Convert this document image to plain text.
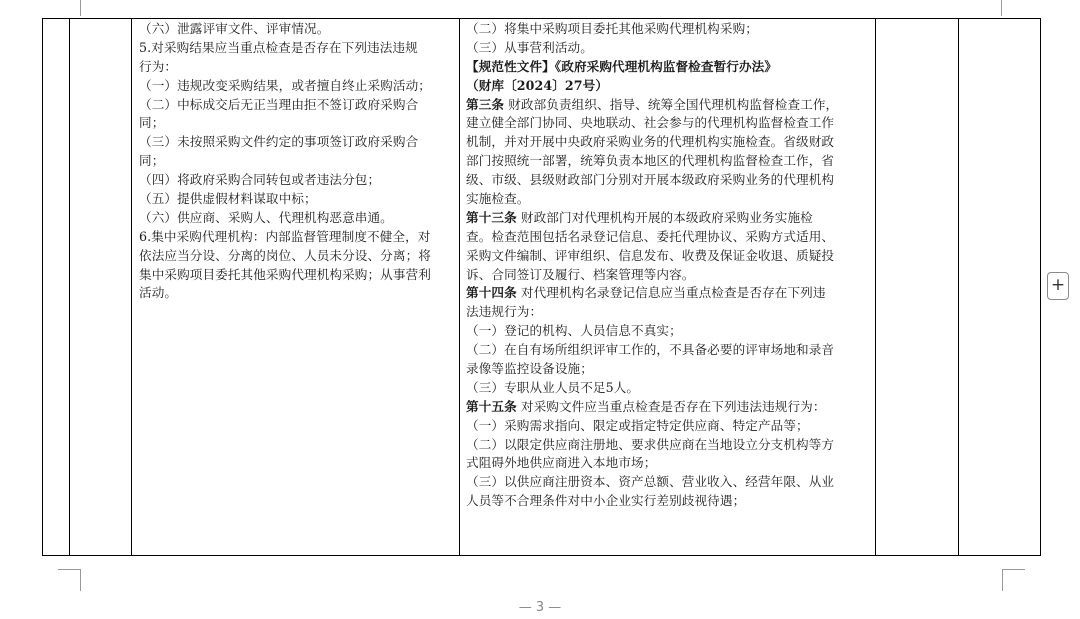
（六）泄露评审文件、评审情况。
5.对采购结果应当重点检查是否存在下列违法违规
行为：
（一）违规改变采购结果，或者擅自终止采购活动；
（二）中标成交后无正当理由拒不签订政府采购合
同；
（三）未按照采购文件约定的事项签订政府采购合
同；
（四）将政府采购合同转包或者违法分包；
（五）提供虚假材料谋取中标；
（六）供应商、采购人、代理机构恶意串通。
6.集中采购代理机构：内部监督管理制度不健全，对
依法应当分设、分离的岗位、人员未分设、分离；将
集中采购项目委托其他采购代理机构采购；从事营利
活动。
（二）将集中采购项目委托其他采购代理机构采购；
（三）从事营利活动。
【规范性文件】《政府采购代理机构监督检查暂行办法》
（财库〔2024〕27号）
第三条 财政部负责组织、指导、统筹全国代理机构监督检查工作，
建立健全部门协同、央地联动、社会参与的代理机构监督检查工作
机制，并对开展中央政府采购业务的代理机构实施检查。省级财政
部门按照统一部署，统筹负责本地区的代理机构监督检查工作，省
级、市级、县级财政部门分别对开展本级政府采购业务的代理机构
实施检查。
第十三条 财政部门对代理机构开展的本级政府采购业务实施检
查。检查范围包括名录登记信息、委托代理协议、采购方式适用、
采购文件编制、评审组织、信息发布、收费及保证金收退、质疑投
诉、合同签订及履行、档案管理等内容。
第十四条 对代理机构名录登记信息应当重点检查是否存在下列违
法违规行为：
（一）登记的机构、人员信息不真实；
（二）在自有场所组织评审工作的，不具备必要的评审场地和录音
录像等监控设备设施；
（三）专职从业人员不足5人。
第十五条 对采购文件应当重点检查是否存在下列违法违规行为：
（一）采购需求指向、限定或指定特定供应商、特定产品等；
（二）以限定供应商注册地、要求供应商在当地设立分支机构等方
式阻碍外地供应商进入本地市场；
（三）以供应商注册资本、资产总额、营业收入、经营年限、从业
人员等不合理条件对中小企业实行差别歧视待遇；
+
— 3 —
